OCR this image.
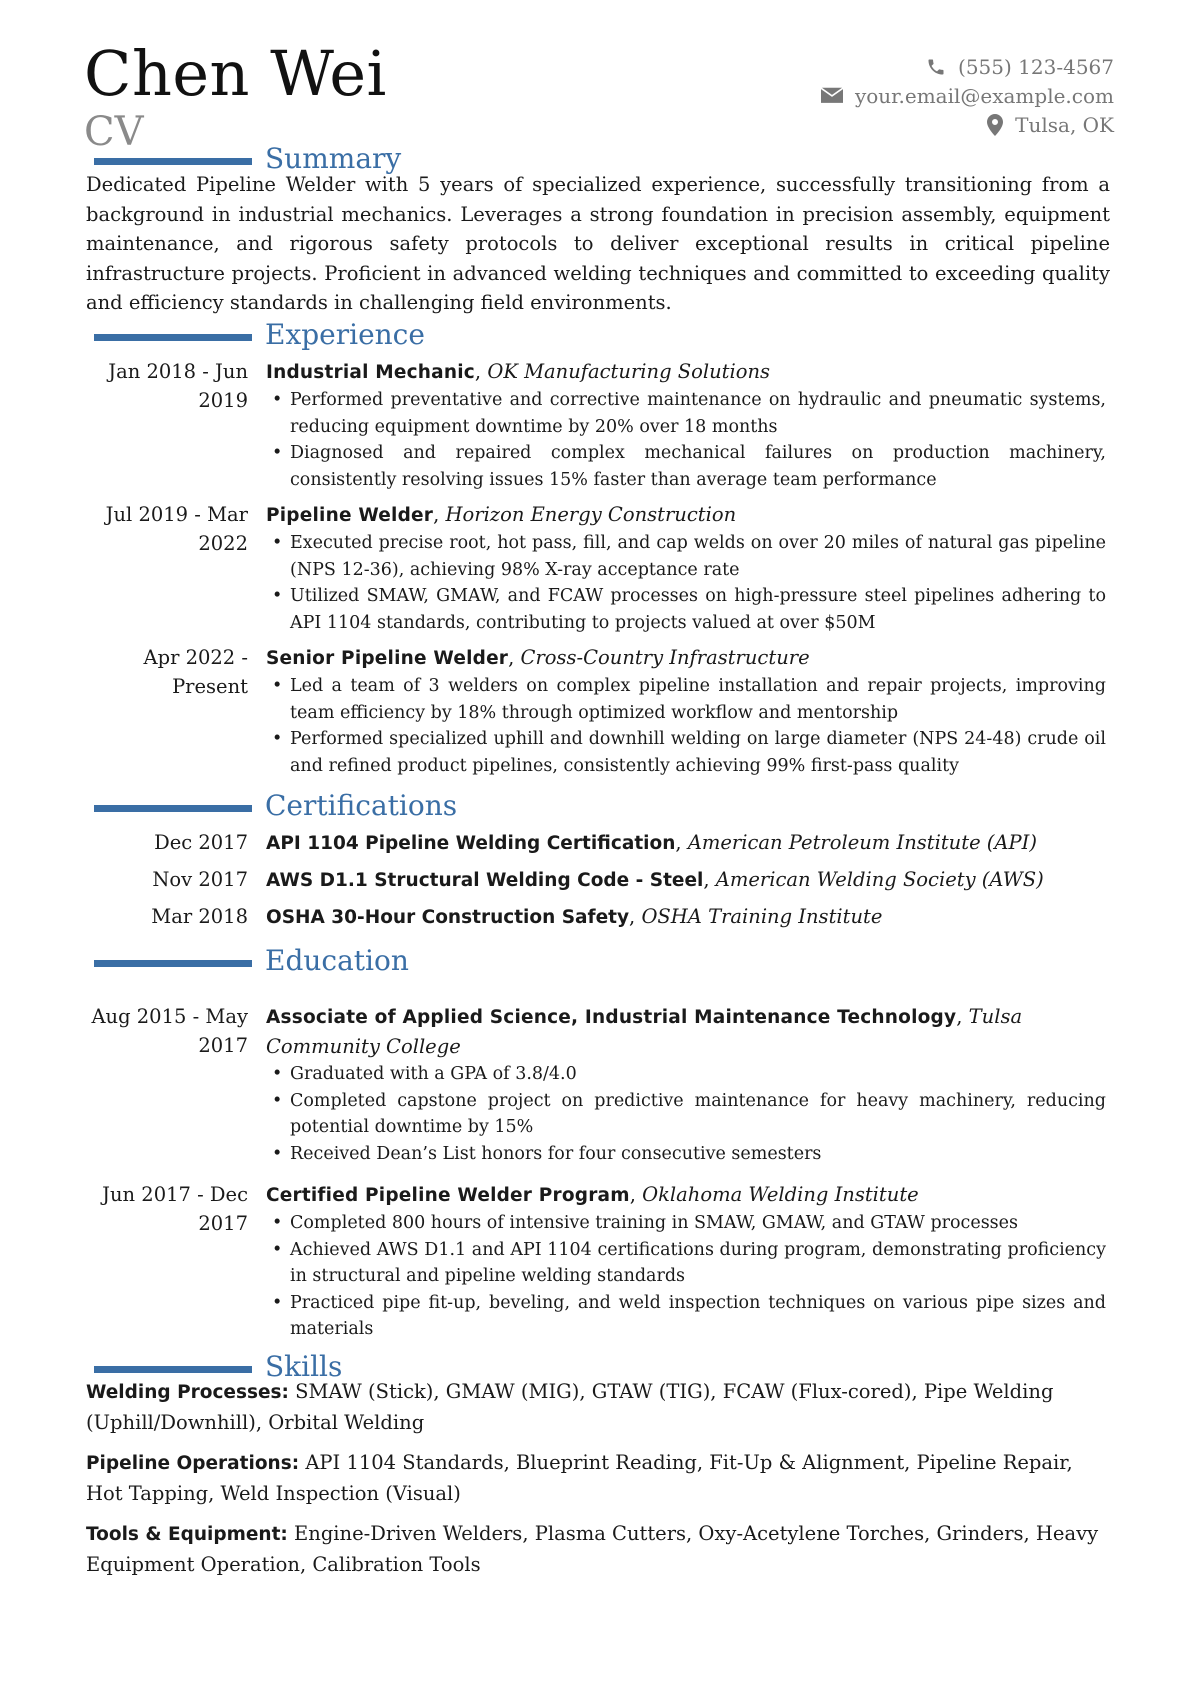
Chen Wei
CV
(555) 123-4567
your.email@example.com
Tulsa, OK
Summary
Dedicated Pipeline Welder with 5 years of specialized experience, successfully transitioning from a background in industrial mechanics. Leverages a strong foundation in precision assembly, equipment maintenance, and rigorous safety protocols to deliver exceptional results in critical pipeline infrastructure projects. Proficient in advanced welding techniques and committed to exceeding quality and efficiency standards in challenging field environments.
Experience
Jan 2018 - Jun 2019
Industrial Mechanic, OK Manufacturing Solutions
• Performed preventative and corrective maintenance on hydraulic and pneumatic systems, reducing equipment downtime by 20% over 18 months
• Diagnosed and repaired complex mechanical failures on production machinery, consistently resolving issues 15% faster than average team performance
Jul 2019 - Mar 2022
Pipeline Welder, Horizon Energy Construction
• Executed precise root, hot pass, fill, and cap welds on over 20 miles of natural gas pipeline (NPS 12-36), achieving 98% X-ray acceptance rate
• Utilized SMAW, GMAW, and FCAW processes on high-pressure steel pipelines adhering to API 1104 standards, contributing to projects valued at over $50M
Apr 2022 - Present
Senior Pipeline Welder, Cross-Country Infrastructure
• Led a team of 3 welders on complex pipeline installation and repair projects, improving team efficiency by 18% through optimized workflow and mentorship
• Performed specialized uphill and downhill welding on large diameter (NPS 24-48) crude oil and refined product pipelines, consistently achieving 99% first-pass quality
Certifications
Dec 2017 API 1104 Pipeline Welding Certification, American Petroleum Institute (API)
Nov 2017 AWS D1.1 Structural Welding Code - Steel, American Welding Society (AWS)
Mar 2018 OSHA 30-Hour Construction Safety, OSHA Training Institute
Education
Aug 2015 - May 2017
Associate of Applied Science, Industrial Maintenance Technology, Tulsa Community College
• Graduated with a GPA of 3.8/4.0
• Completed capstone project on predictive maintenance for heavy machinery, reducing potential downtime by 15%
• Received Dean’s List honors for four consecutive semesters
Jun 2017 - Dec 2017
Certified Pipeline Welder Program, Oklahoma Welding Institute
• Completed 800 hours of intensive training in SMAW, GMAW, and GTAW processes
• Achieved AWS D1.1 and API 1104 certifications during program, demonstrating proficiency in structural and pipeline welding standards
• Practiced pipe fit-up, beveling, and weld inspection techniques on various pipe sizes and materials
Skills
Welding Processes: SMAW (Stick), GMAW (MIG), GTAW (TIG), FCAW (Flux-cored), Pipe Welding (Uphill/Downhill), Orbital Welding
Pipeline Operations: API 1104 Standards, Blueprint Reading, Fit-Up & Alignment, Pipeline Repair, Hot Tapping, Weld Inspection (Visual)
Tools & Equipment: Engine-Driven Welders, Plasma Cutters, Oxy-Acetylene Torches, Grinders, Heavy Equipment Operation, Calibration Tools
